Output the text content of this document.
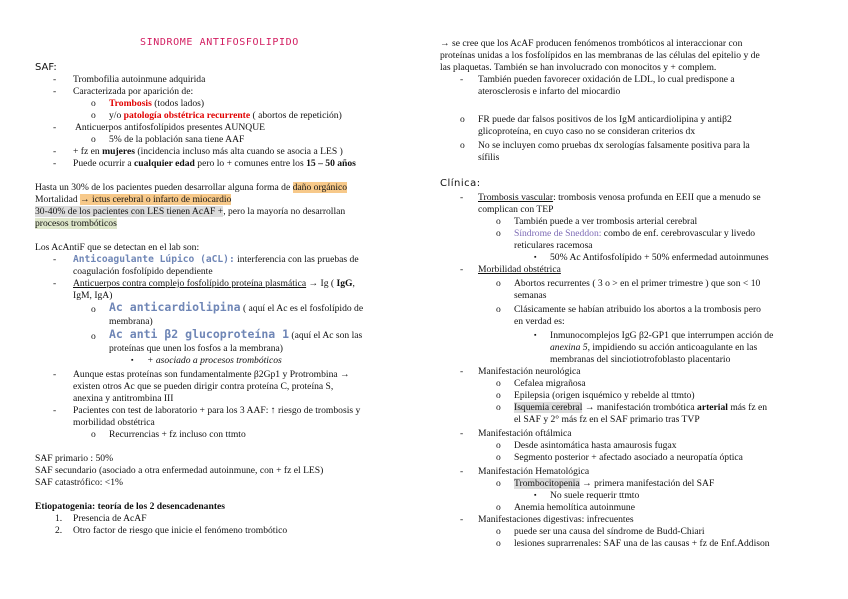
SINDROME ANTIFOSFOLIPIDO
SAF:
- Trombofilia autoinmune adquirida
- Caracterizada por aparición de:
o Trombosis (todos lados)
o y/o patología obstétrica recurrente ( abortos de repetición)
- Anticuerpos antifosfolípidos presentes AUNQUE
o 5% de la población sana tiene AAF
- + fz en mujeres (incidencia incluso más alta cuando se asocia a LES )
- Puede ocurrir a cualquier edad pero lo + comunes entre los 15 – 50 años
Hasta un 30% de los pacientes pueden desarrollar alguna forma de daño orgánico
Mortalidad → ictus cerebral o infarto de miocardio
30-40% de los pacientes con LES tienen AcAF +, pero la mayoría no desarrollan
procesos trombóticos
Los AcAntiF que se detectan en el lab son:
- Anticoagulante Lúpico (aCL): interferencia con las pruebas de
coagulación fosfolípido dependiente
- Anticuerpos contra complejo fosfolípido proteína plasmática → Ig ( IgG,
IgM, IgA)
o Ac anticardiolipina ( aquí el Ac es el fosfolípido de
membrana)
o Ac anti β2 glucoproteína 1 (aquí el Ac son las
proteínas que unen los fosfos a la membrana)
▪ + asociado a procesos trombóticos
- Aunque estas proteínas son fundamentalmente β2Gp1 y Protrombina →
existen otros Ac que se pueden dirigir contra proteína C, proteína S,
anexina y antitrombina III
- Pacientes con test de laboratorio + para los 3 AAF: ↑ riesgo de trombosis y
morbilidad obstétrica
o Recurrencias + fz incluso con ttmto
SAF primario : 50%
SAF secundario (asociado a otra enfermedad autoinmune, con + fz el LES)
SAF catastrófico: <1%
Etiopatogenia: teoría de los 2 desencadenantes
1. Presencia de AcAF
2. Otro factor de riesgo que inicie el fenómeno trombótico
→ se cree que los AcAF producen fenómenos trombóticos al interaccionar con
proteínas unidas a los fosfolípidos en las membranas de las células del epitelio y de
las plaquetas. También se han involucrado con monocitos y + complem.
- También pueden favorecer oxidación de LDL, lo cual predispone a
aterosclerosis e infarto del miocardio
o FR puede dar falsos positivos de los IgM anticardiolipina y antiβ2
glicoproteína, en cuyo caso no se consideran criterios dx
o No se incluyen como pruebas dx serologías falsamente positiva para la
sífilis
Clínica:
- Trombosis vascular: trombosis venosa profunda en EEII que a menudo se
complican con TEP
o También puede a ver trombosis arterial cerebral
o Síndrome de Sneddon: combo de enf. cerebrovascular y livedo
reticulares racemosa
▪ 50% Ac Antifosfolípido + 50% enfermedad autoinmunes
- Morbilidad obstétrica
o Abortos recurrentes ( 3 o > en el primer trimestre ) que son < 10
semanas
o Clásicamente se habían atribuido los abortos a la trombosis pero
en verdad es:
▪ Inmunocomplejos IgG β2-GP1 que interrumpen acción de
anexina 5, impidiendo su acción anticoagulante en las
membranas del sinciotiotrofoblasto placentario
- Manifestación neurológica
o Cefalea migrañosa
o Epilepsia (origen isquémico y rebelde al ttmto)
o Isquemia cerebral → manifestación trombótica arterial más fz en
el SAF y 2° más fz en el SAF primario tras TVP
- Manifestación oftálmica
o Desde asintomática hasta amaurosis fugax
o Segmento posterior + afectado asociado a neuropatía óptica
- Manifestación Hematológica
o Trombocitopenia → primera manifestación del SAF
▪ No suele requerir ttmto
o Anemia hemolítica autoinmune
- Manifestaciones digestivas: infrecuentes
o puede ser una causa del síndrome de Budd-Chiari
o lesiones suprarrenales: SAF una de las causas + fz de Enf.Addison
